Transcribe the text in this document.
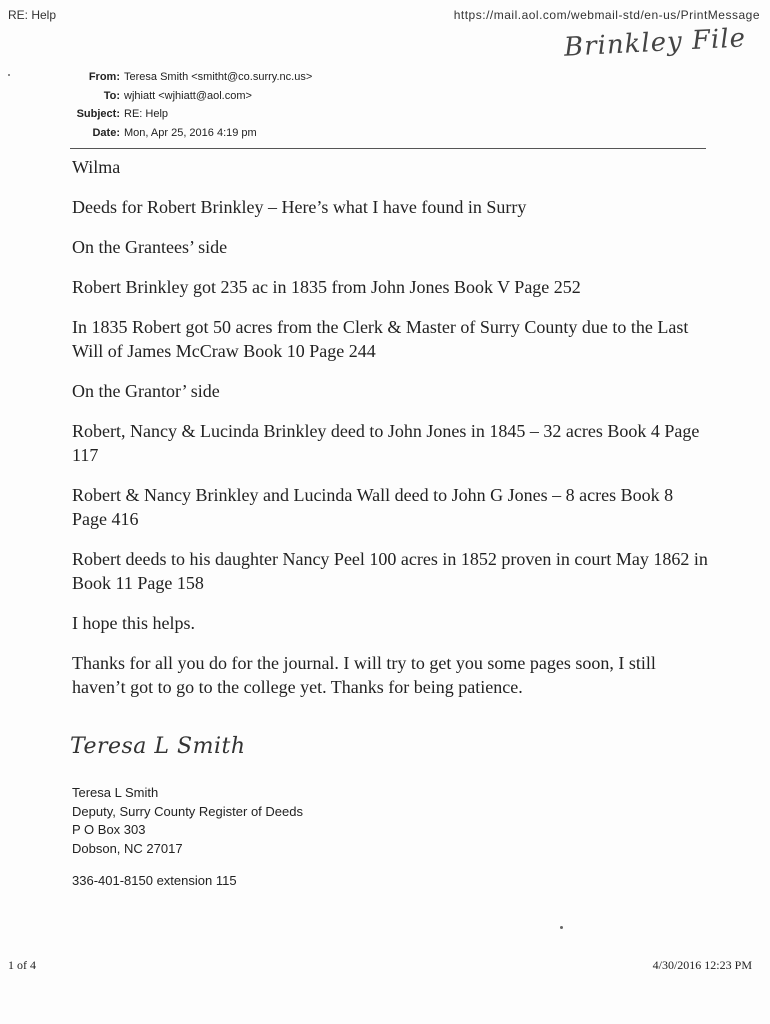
RE: Help	https://mail.aol.com/webmail-std/en-us/PrintMessage
Brinkley File
From: Teresa Smith <smitht@co.surry.nc.us>
To: wjhiatt <wjhiatt@aol.com>
Subject: RE: Help
Date: Mon, Apr 25, 2016 4:19 pm

Wilma

Deeds for Robert Brinkley – Here’s what I have found in Surry

On the Grantees’ side

Robert Brinkley got 235 ac in 1835 from John Jones Book V Page 252

In 1835 Robert got 50 acres from the Clerk & Master of Surry County due to the Last Will of James McCraw Book 10 Page 244

On the Grantor’ side

Robert, Nancy & Lucinda Brinkley deed to John Jones in 1845 – 32 acres Book 4 Page 117

Robert & Nancy Brinkley and Lucinda Wall deed to John G Jones – 8 acres Book 8 Page 416

Robert deeds to his daughter Nancy Peel 100 acres in 1852 proven in court May 1862 in Book 11 Page 158

I hope this helps.

Thanks for all you do for the journal. I will try to get you some pages soon, I still haven’t got to go to the college yet. Thanks for being patience.

Teresa L Smith
Teresa L Smith
Deputy, Surry County Register of Deeds
P O Box 303
Dobson, NC 27017
336-401-8150 extension 115
1 of 4	4/30/2016 12:23 PM
